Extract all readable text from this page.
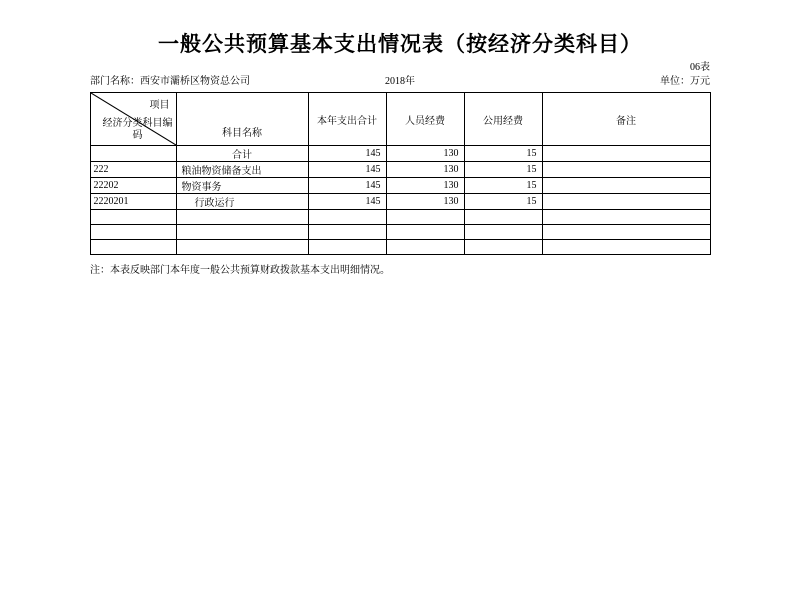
一般公共预算基本支出情况表（按经济分类科目）
06表
部门名称：西安市灞桥区物资总公司	2018年	单位：万元
项目
经济分类科目编码	科目名称	本年支出合计	人员经费	公用经费	备注
	合计	145	130	15	
222	粮油物资储备支出	145	130	15	
22202	物资事务	145	130	15	
2220201	行政运行	145	130	15	

注：本表反映部门本年度一般公共预算财政拨款基本支出明细情况。
